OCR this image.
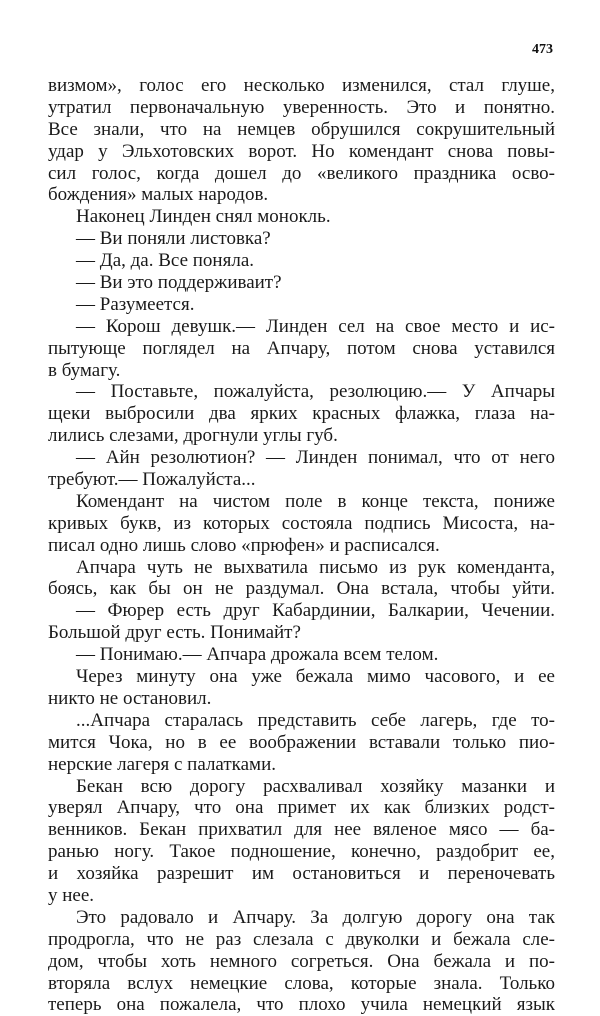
473
визмом», голос его несколько изменился, стал глуше,
утратил первоначальную уверенность. Это и понятно.
Все знали, что на немцев обрушился сокрушительный
удар у Эльхотовских ворот. Но комендант снова повы-
сил голос, когда дошел до «великого праздника осво-
бождения» малых народов.
Наконец Линден снял монокль.
— Ви поняли листовка?
— Да, да. Все поняла.
— Ви это поддерживаит?
— Разумеется.
— Корош девушк.— Линден сел на свое место и ис-
пытующе поглядел на Апчару, потом снова уставился
в бумагу.
— Поставьте, пожалуйста, резолюцию.— У Апчары
щеки выбросили два ярких красных флажка, глаза на-
лились слезами, дрогнули углы губ.
— Айн резолютион? — Линден понимал, что от него
требуют.— Пожалуйста...
Комендант на чистом поле в конце текста, пониже
кривых букв, из которых состояла подпись Мисоста, на-
писал одно лишь слово «прюфен» и расписался.
Апчара чуть не выхватила письмо из рук коменданта,
боясь, как бы он не раздумал. Она встала, чтобы уйти.
— Фюрер есть друг Кабардинии, Балкарии, Чечении.
Большой друг есть. Понимайт?
— Понимаю.— Апчара дрожала всем телом.
Через минуту она уже бежала мимо часового, и ее
никто не остановил.
...Апчара старалась представить себе лагерь, где то-
мится Чока, но в ее воображении вставали только пио-
нерские лагеря с палатками.
Бекан всю дорогу расхваливал хозяйку мазанки и
уверял Апчару, что она примет их как близких родст-
венников. Бекан прихватил для нее вяленое мясо — ба-
ранью ногу. Такое подношение, конечно, раздобрит ее,
и хозяйка разрешит им остановиться и переночевать
у нее.
Это радовало и Апчару. За долгую дорогу она так
продрогла, что не раз слезала с двуколки и бежала сле-
дом, чтобы хоть немного согреться. Она бежала и по-
вторяла вслух немецкие слова, которые знала. Только
теперь она пожалела, что плохо учила немецкий язык
